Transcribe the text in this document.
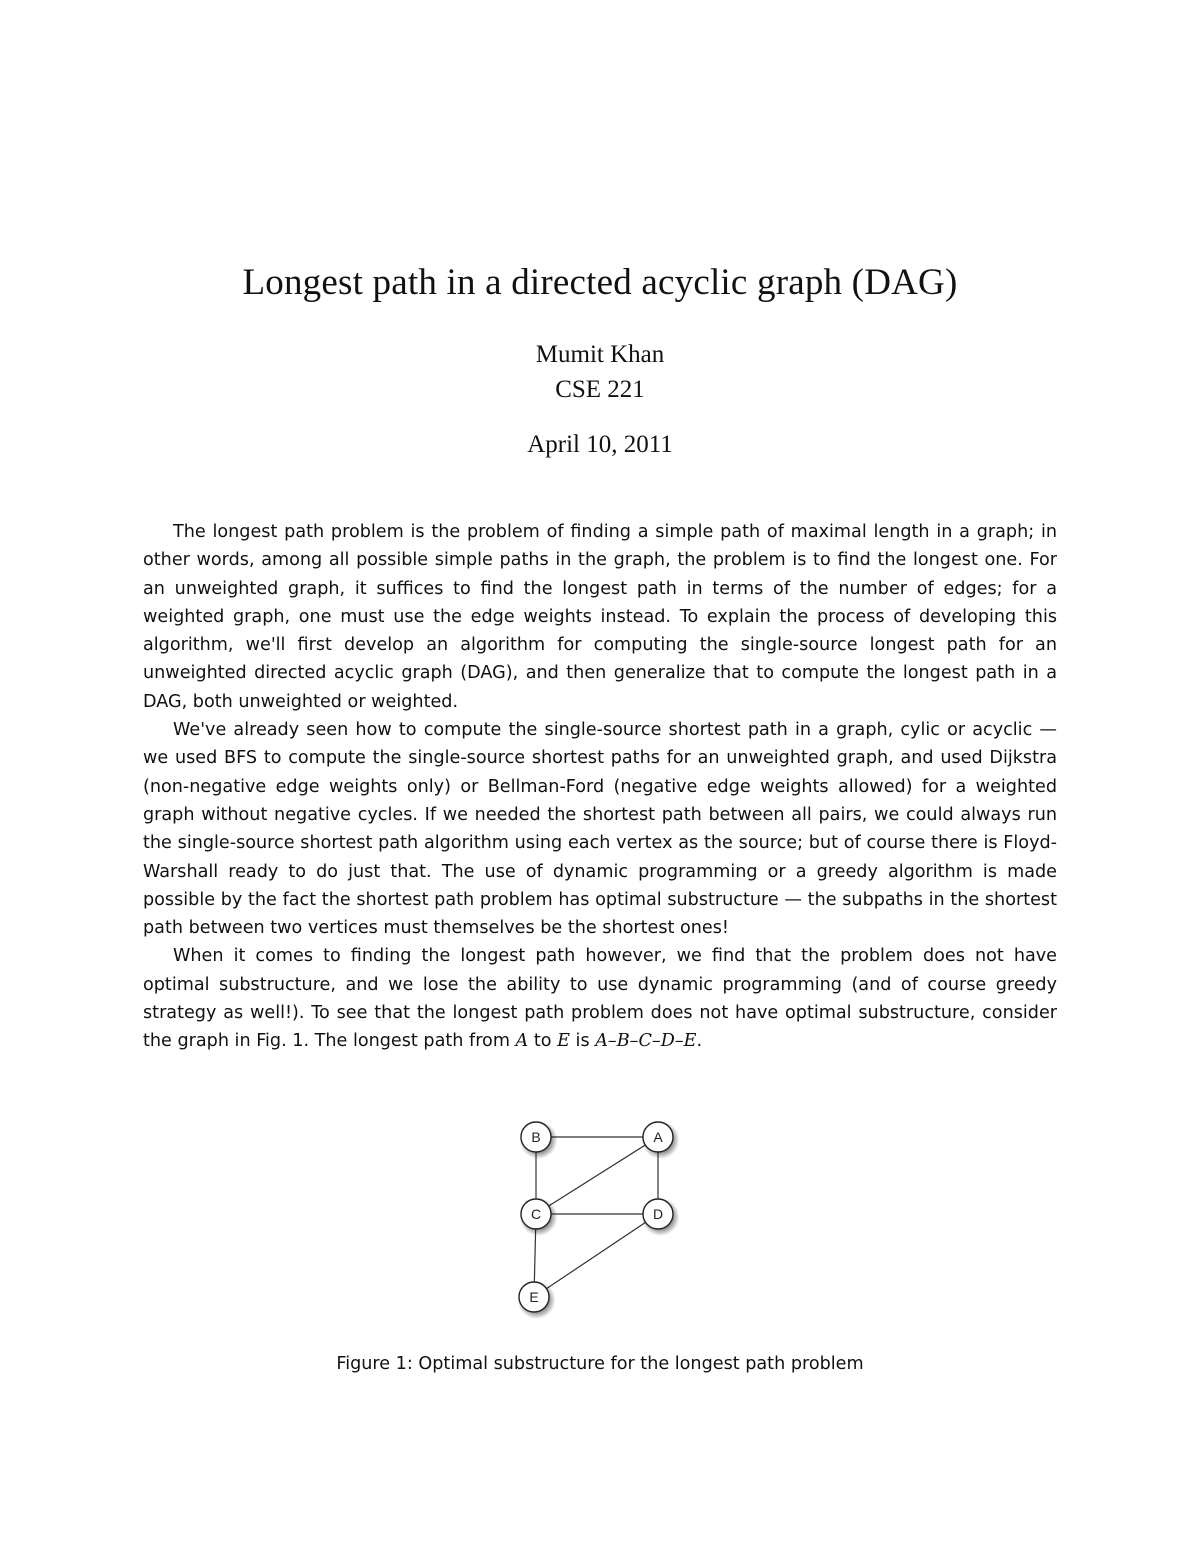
Longest path in a directed acyclic graph (DAG)
Mumit Khan
CSE 221
April 10, 2011

The longest path problem is the problem of finding a simple path of maximal length in a graph; in other words, among all possible simple paths in the graph, the problem is to find the longest one. For an unweighted graph, it suffices to find the longest path in terms of the number of edges; for a weighted graph, one must use the edge weights instead. To explain the process of developing this algorithm, we'll first develop an algorithm for computing the single-source longest path for an unweighted directed acyclic graph (DAG), and then generalize that to compute the longest path in a DAG, both unweighted or weighted.

We've already seen how to compute the single-source shortest path in a graph, cylic or acyclic — we used BFS to compute the single-source shortest paths for an unweighted graph, and used Dijkstra (non-negative edge weights only) or Bellman-Ford (negative edge weights allowed) for a weighted graph without negative cycles. If we needed the shortest path between all pairs, we could always run the single-source shortest path algorithm using each vertex as the source; but of course there is Floyd-Warshall ready to do just that. The use of dynamic programming or a greedy algorithm is made possible by the fact the shortest path problem has optimal substructure — the subpaths in the shortest path between two vertices must themselves be the shortest ones!

When it comes to finding the longest path however, we find that the problem does not have optimal substructure, and we lose the ability to use dynamic programming (and of course greedy strategy as well!). To see that the longest path problem does not have optimal substructure, consider the graph in Fig. 1. The longest path from A to E is A–B–C–D–E.

B	A
C	D
E
Figure 1: Optimal substructure for the longest path problem
